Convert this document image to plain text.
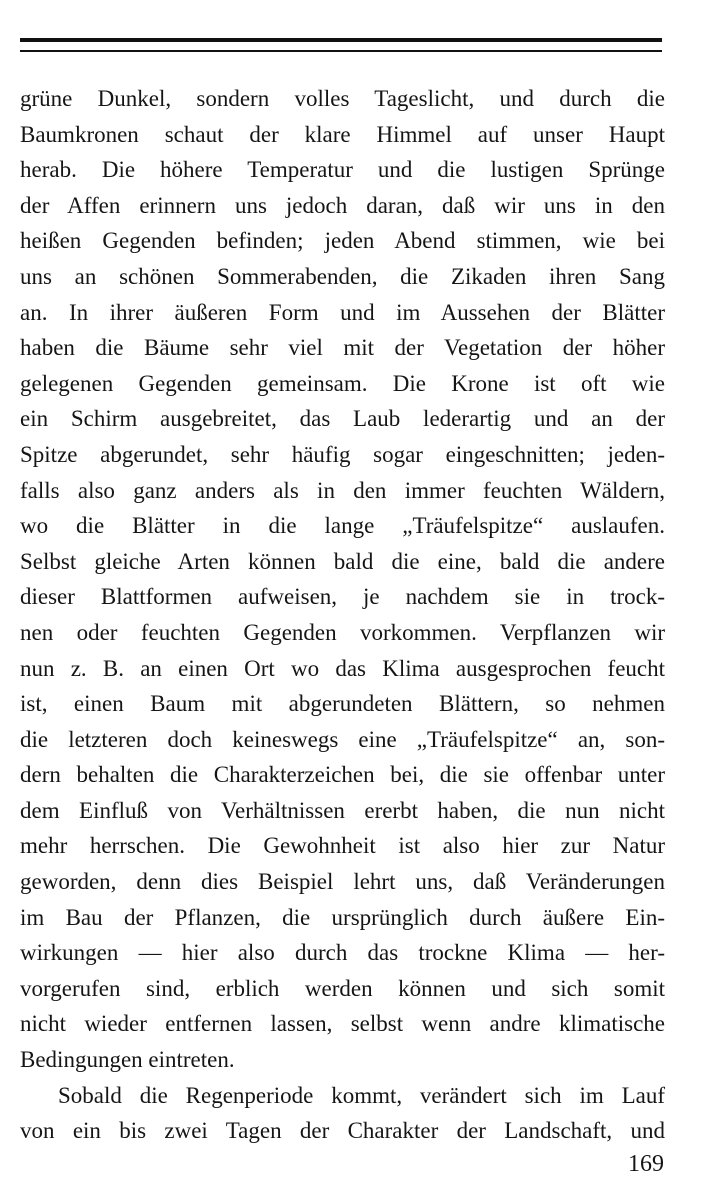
grüne Dunkel, sondern volles Tageslicht, und durch die
Baumkronen schaut der klare Himmel auf unser Haupt
herab. Die höhere Temperatur und die lustigen Sprünge
der Affen erinnern uns jedoch daran, daß wir uns in den
heißen Gegenden befinden; jeden Abend stimmen, wie bei
uns an schönen Sommerabenden, die Zikaden ihren Sang
an. In ihrer äußeren Form und im Aussehen der Blätter
haben die Bäume sehr viel mit der Vegetation der höher
gelegenen Gegenden gemeinsam. Die Krone ist oft wie
ein Schirm ausgebreitet, das Laub lederartig und an der
Spitze abgerundet, sehr häufig sogar eingeschnitten; jeden-
falls also ganz anders als in den immer feuchten Wäldern,
wo die Blätter in die lange „Träufelspitze“ auslaufen.
Selbst gleiche Arten können bald die eine, bald die andere
dieser Blattformen aufweisen, je nachdem sie in trock-
nen oder feuchten Gegenden vorkommen. Verpflanzen wir
nun z. B. an einen Ort wo das Klima ausgesprochen feucht
ist, einen Baum mit abgerundeten Blättern, so nehmen
die letzteren doch keineswegs eine „Träufelspitze“ an, son-
dern behalten die Charakterzeichen bei, die sie offenbar unter
dem Einfluß von Verhältnissen ererbt haben, die nun nicht
mehr herrschen. Die Gewohnheit ist also hier zur Natur
geworden, denn dies Beispiel lehrt uns, daß Veränderungen
im Bau der Pflanzen, die ursprünglich durch äußere Ein-
wirkungen — hier also durch das trockne Klima — her-
vorgerufen sind, erblich werden können und sich somit
nicht wieder entfernen lassen, selbst wenn andre klimatische
Bedingungen eintreten.
Sobald die Regenperiode kommt, verändert sich im Lauf
von ein bis zwei Tagen der Charakter der Landschaft, und
169
